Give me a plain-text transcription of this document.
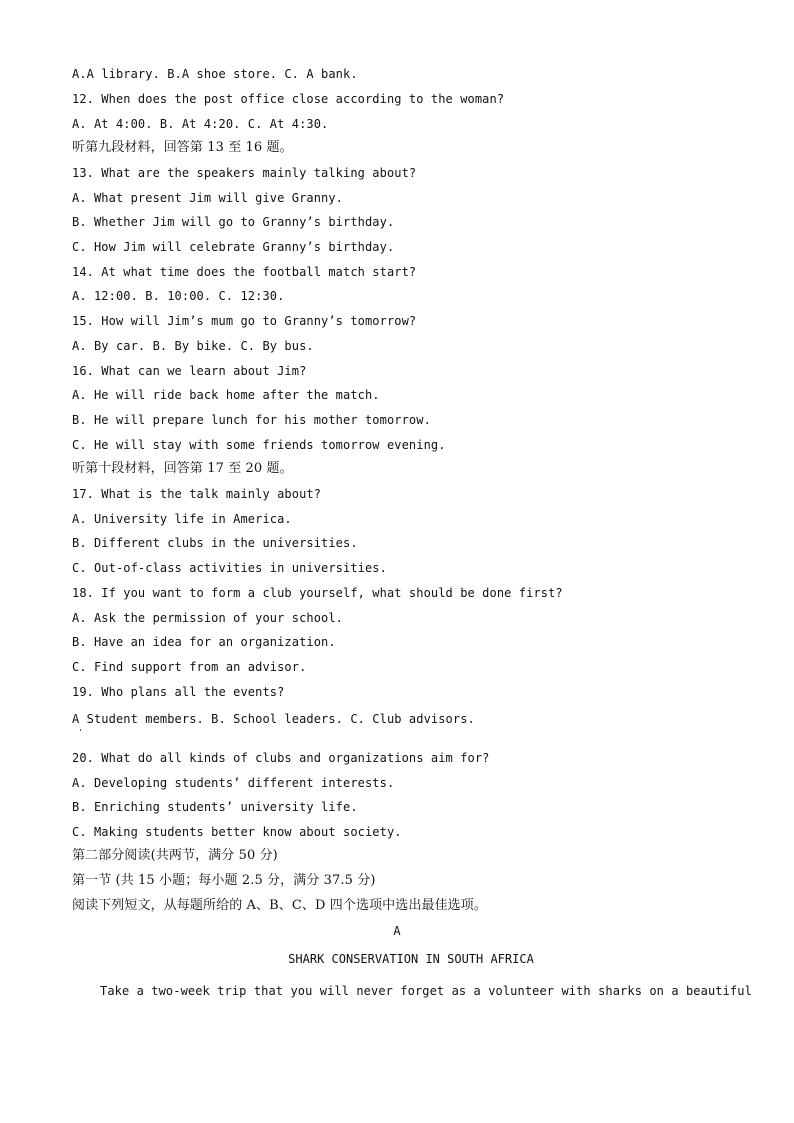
A.A library. B.A shoe store. C. A bank.
12. When does the post office close according to the woman?
A. At 4:00. B. At 4:20. C. At 4:30.
听第九段材料，回答第 13 至 16 题。
13. What are the speakers mainly talking about?
A. What present Jim will give Granny.
B. Whether Jim will go to Granny’s birthday.
C. How Jim will celebrate Granny’s birthday.
14. At what time does the football match start?
A. 12:00. B. 10:00. C. 12:30.
15. How will Jim’s mum go to Granny’s tomorrow?
A. By car. B. By bike. C. By bus.
16. What can we learn about Jim?
A. He will ride back home after the match.
B. He will prepare lunch for his mother tomorrow.
C. He will stay with some friends tomorrow evening.
听第十段材料，回答第 17 至 20 题。
17. What is the talk mainly about?
A. University life in America.
B. Different clubs in the universities.
C. Out-of-class activities in universities.
18. If you want to form a club yourself, what should be done first?
A. Ask the permission of your school.
B. Have an idea for an organization.
C. Find support from an advisor.
19. Who plans all the events?
A Student members. B. School leaders. C. Club advisors.
'
20. What do all kinds of clubs and organizations aim for?
A. Developing students’ different interests.
B. Enriching students’ university life.
C. Making students better know about society.
第二部分阅读(共两节，满分 50 分)
第一节 (共 15 小题；每小题 2.5 分，满分 37.5 分)
阅读下列短文，从每题所给的 A、B、C、D 四个选项中选出最佳选项。
A
SHARK CONSERVATION IN SOUTH AFRICA
Take a two-week trip that you will never forget as a volunteer with sharks on a beautiful
